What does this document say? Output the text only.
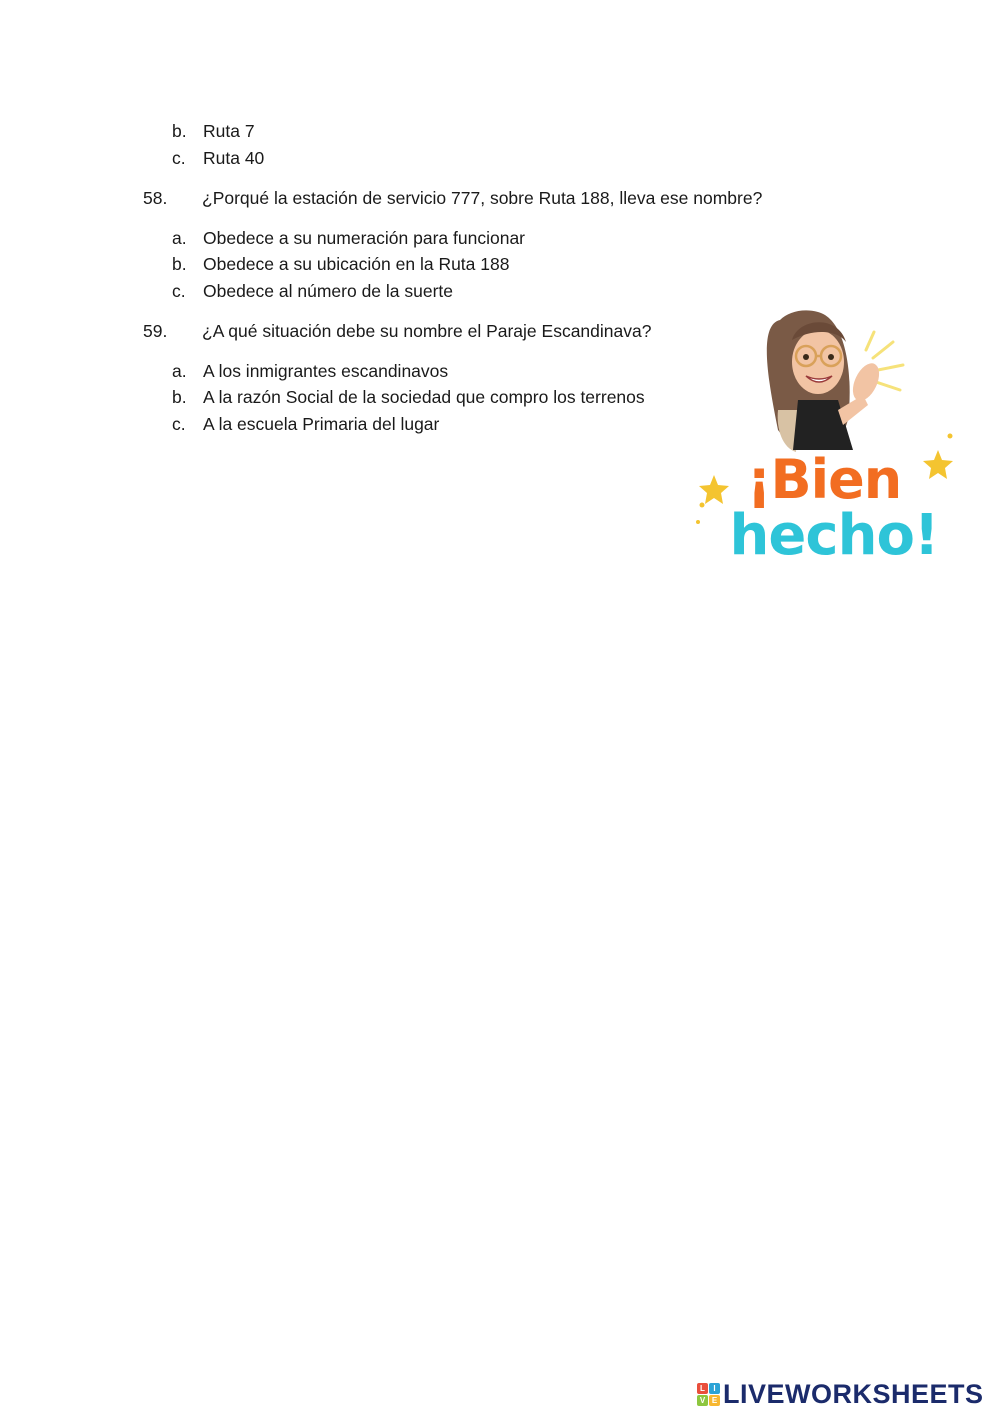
b. Ruta 7
c. Ruta 40
58. ¿Porqué la estación de servicio 777, sobre Ruta 188, lleva ese nombre?
a. Obedece a su numeración para funcionar
b. Obedece a su ubicación en la Ruta 188
c. Obedece al número de la suerte
59. ¿A qué situación debe su nombre el Paraje Escandinava?
a. A los inmigrantes escandinavos
b. A la razón Social de la sociedad que compro los terrenos
c. A la escuela Primaria del lugar
¡Bien
hecho!
L	I
V E LIVEWORKSHEETS
